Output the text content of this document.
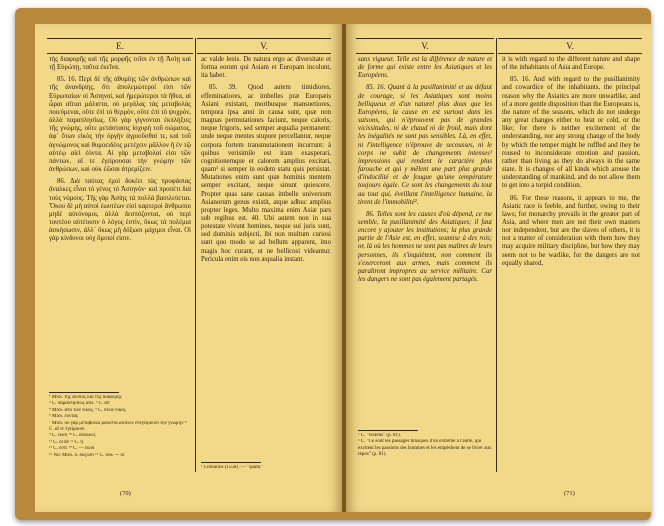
E.	V.

τὴς διαφορῆς καὶ τῆς μορφῆς τοῖσι ἐν τῇ Ἀσίῃ καὶ τῇ Εὐρώπῃ, ταῦτα ἐκεῖνα.

85. 16. Περὶ δὲ τῆς ἀθυμίης τῶν ἀνθρώπων καὶ τῆς ἀνανδρίης, ὅτι ἀπολεμώτεροί εἰσι τῶν Εὐρωπαίων οἱ Ἀσιηνοί, καὶ ἡμερώτεροι τὰ ἤθεα, αἱ ὧραι αἴτιαι μάλιστα, οὐ μεγάλας τὰς μεταβολὰς ποιεύμεναι, οὔτε ἐπὶ τὸ θερμὸν, οὔτε ἐπὶ τὸ ψυχρὸν, ἀλλὰ παραπλησίως. Οὐ γὰρ γίγνονται ἐκπλήξιες τῆς γνώμης, οὔτε μετάστασις ἰσχυρὴ τοῦ σώματος, ἀφ᾽ ὅτων εἰκὸς τὴν ὀργὴν ἀγριοῦσθαί τε, καὶ τοῦ ἀγνώμονος καὶ θυμοειδέος μετέχειν μᾶλλον ἢ ἐν τῷ αὐτέῳ αἰεὶ ἐόντα. Αἱ γὰρ μεταβολαί εἰσι τῶν πάντων, αἵ τε ἐγείρουσαι τὴν γνώμην τῶν ἀνθρώπων, καὶ οὐκ ἐῶσαι ἀτρεμίζειν.

86. Διὰ ταύτας ἐμοὶ δοκέει τὰς προφάσιας ἄναλκες εἶναι τὸ γένος τὸ Ἀσιηνὸν· καὶ προσέτι διὰ τοὺς νόμους. Τῆς γὰρ Ἀσίης τὰ πολλὰ βασιλεύεται. Ὅκου δὲ μὴ αὐτοὶ ἑωυτέων εἰσὶ καρτεροὶ ἄνθρωποι μηδὲ αὐτόνομοι, ἀλλὰ δεσπόζονται, οὐ περὶ τουτέου αὐτέοισιν ὁ λόγος ἐστὶν, ὅκως τὰ πολέμια ἀσκήσωσιν, ἀλλ᾽ ὅκως μὴ δόξωσι μάχιμοι εἶναι. Οἱ γὰρ κίνδυνοι οὐχ ὅμοιοί εἰσιν.

¹ MSS. τῆς φύσιος καὶ τῆς διαφορῆς
² C. παραπλησίως αἰεὶ. ³ C. ἀπ᾽
⁴ MSS. ἀπὸ τῶν εἰκὸς. ⁵ C. ὅτων εἰκός
⁶ MSS. ἐόντας
⁷ MSS. οὐ γὰρ μεταβολαὶ μάλιστα αὐτέων ἐπεγείρουσι τὴν γνώμην ⁸ C. αἵ τε ἐγείρουσι
⁹ C. ἐῶσι ¹⁰ C. ἄναλκες
¹¹ C. οἱ ἄν ¹² C. ἢ
¹³ C. ἐστι ¹⁴ C. — ἔωσι
¹⁵ Nic MSS. ὁ. δόξωσι ¹⁶ C. οὐκ — οι

ac valde lenis. De natura ergo ac diversitate et forma eorum qui Asiam et Europam incolunt, ita habet.

85. 39. Quod autem timidiores, effeminatiores, ac imbelles præ Europæis Asiani existant, moribusque mansuetiores, tempora ipsa anni in causa sunt, quæ non magnas permutationes faciunt, neque caloris, neque frigoris, sed semper æqualia permanent: unde neque mentes stupore percellantur, neque corpora fortem transmutationem incurrunt: à quibus verisimile est iram exasperari, cognitionemque et calorem amplius excitari, quam¹ si semper in eodem statu quis persistat. Mutationes enim sunt quæ hominis mentem semper excitant, neque sinunt quiescere. Propter quas sane causas imbelle universum Asianorum genus existit, atque adhuc amplius propter leges. Multo maxima enim Asiæ pars sub regibus est. 40. Ubi autem non in sua potestate vivunt homines, neque sui juris sunt, sed dominis subjecti, ibi non multum curiosi sunt quo modo se ad bellum apparent, imo magis hoc curant, ut ne bellicosi videantur. Pericula enim eis non æqualia instant.

¹ Cornarius (1558) :— "quam."
(70)
V.	V.

sans vigueur. Telle est la différence de nature et de forme qui existe entre les Asiatiques et les Européens.

85. 16. Quant à la pusillanimité et au défaut de courage, si les Asiatiques sont moins belliqueux et d'un naturel plus doux que les Européens, la cause en est surtout dans les saisons, qui n'éprouvent pas de grandes vicissitudes, ni de chaud ni de froid, mais dont les inégalités ne sont pas sensibles. Là, en effet, ni l'intelligence n'éprouve de secousses, ni le corps ne subit de changements intenses¹ impressions qui rendent le caractère plus farouche et qui y mêlent une part plus grande d'indocilité et de fougue qu'une température toujours égale. Ce sont les changements du tout au tout qui, éveillant l'intelligence humaine, la tirent de l'immobilité².

86. Telles sont les causes d'où dépend, ce me semble, la pusillanimité des Asiatiques; il faut encore y ajouter les institutions; la plus grande partie de l'Asie est, en effet, soumise à des rois; or, là où les hommes ne sont pas maîtres de leurs personnes, ils s'inquiètent, non comment ils s'exerceront aux armes, mais comment ils paraîtront impropres au service militaire. Car les dangers ne sont pas également partagés.

¹ C. "violens" (p. 81).
² C. "Ce sont les passages brusques d'un extrême à l'autre, qui excitent les passions des hommes et les empêchent de se livrer aux repos" (p. 81).

it is with regard to the different nature and shape of the inhabitants of Asia and Europe.

85. 16. And with regard to the pusillanimity and cowardice of the inhabitants, the principal reason why the Asiatics are more unwarlike, and of a more gentle disposition than the Europeans is, the nature of the seasons, which do not undergo any great changes either to heat or cold, or the like; for there is neither excitement of the understanding, nor any strong change of the body by which the temper might be ruffled and they be roused to inconsiderate emotion and passion, rather than living as they do always in the same state. It is changes of all kinds which arouse the understanding of mankind, and do not allow them to get into a torpid condition.

86. For these reasons, it appears to me, the Asiatic race is feeble, and further, owing to their laws; for monarchy prevails in the greater part of Asia, and where men are not their own masters nor independent, but are the slaves of others, it is not a matter of consideration with them how they may acquire military discipline, but how they may seem not to be warlike, for the dangers are not equally shared,

(71)
